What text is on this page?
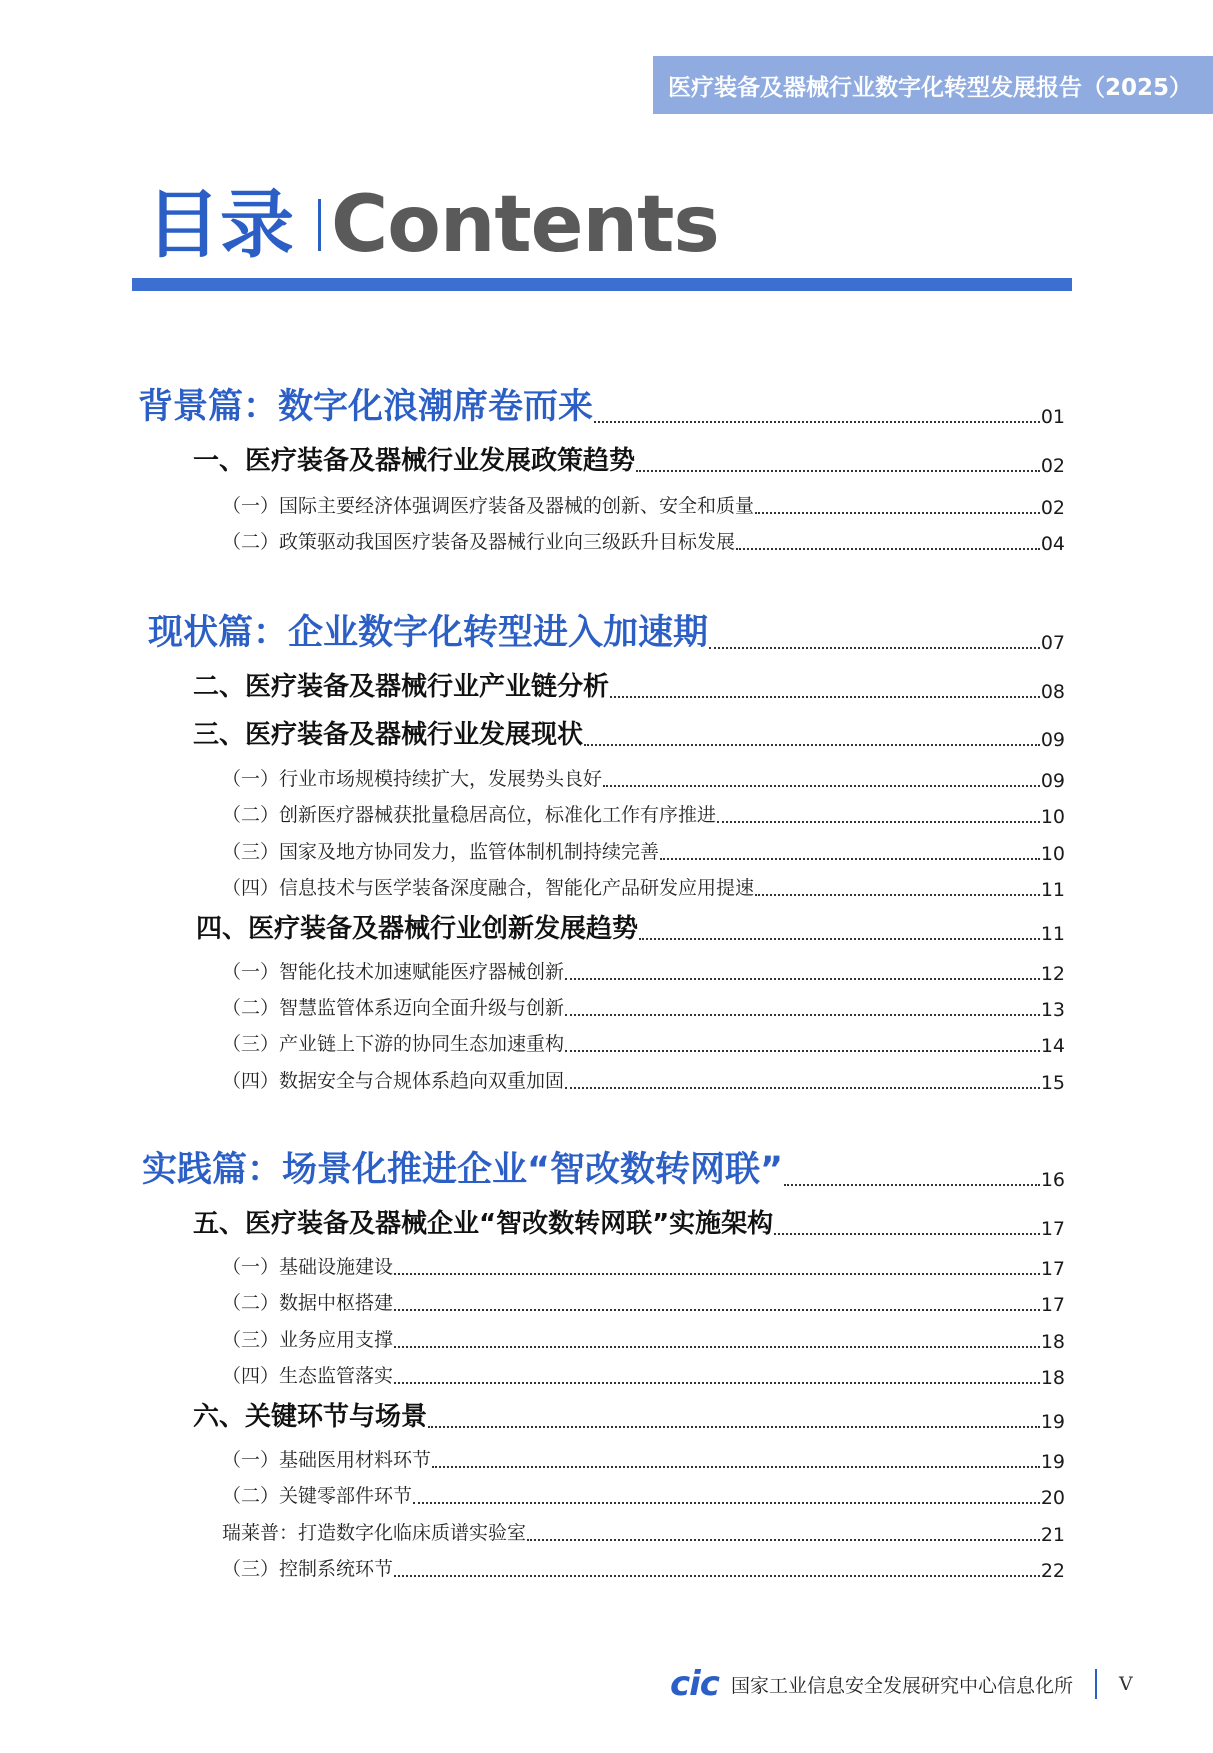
医疗装备及器械行业数字化转型发展报告（2025）
目录 Contents
背景篇：数字化浪潮席卷而来	01
一、医疗装备及器械行业发展政策趋势	02
（一）国际主要经济体强调医疗装备及器械的创新、安全和质量	02
（二）政策驱动我国医疗装备及器械行业向三级跃升目标发展	04
现状篇：企业数字化转型进入加速期	07
二、医疗装备及器械行业产业链分析	08
三、医疗装备及器械行业发展现状	09
（一）行业市场规模持续扩大，发展势头良好	09
（二）创新医疗器械获批量稳居高位，标准化工作有序推进	10
（三）国家及地方协同发力，监管体制机制持续完善	10
（四）信息技术与医学装备深度融合，智能化产品研发应用提速	11
四、医疗装备及器械行业创新发展趋势	11
（一）智能化技术加速赋能医疗器械创新	12
（二）智慧监管体系迈向全面升级与创新	13
（三）产业链上下游的协同生态加速重构	14
（四）数据安全与合规体系趋向双重加固	15
实践篇：场景化推进企业“智改数转网联”	16
五、医疗装备及器械企业“智改数转网联”实施架构	17
（一）基础设施建设	17
（二）数据中枢搭建	17
（三）业务应用支撑	18
（四）生态监管落实	18
六、关键环节与场景	19
（一）基础医用材料环节	19
（二）关键零部件环节	20
瑞莱普：打造数字化临床质谱实验室	21
（三）控制系统环节	22
cic 国家工业信息安全发展研究中心信息化所 V
